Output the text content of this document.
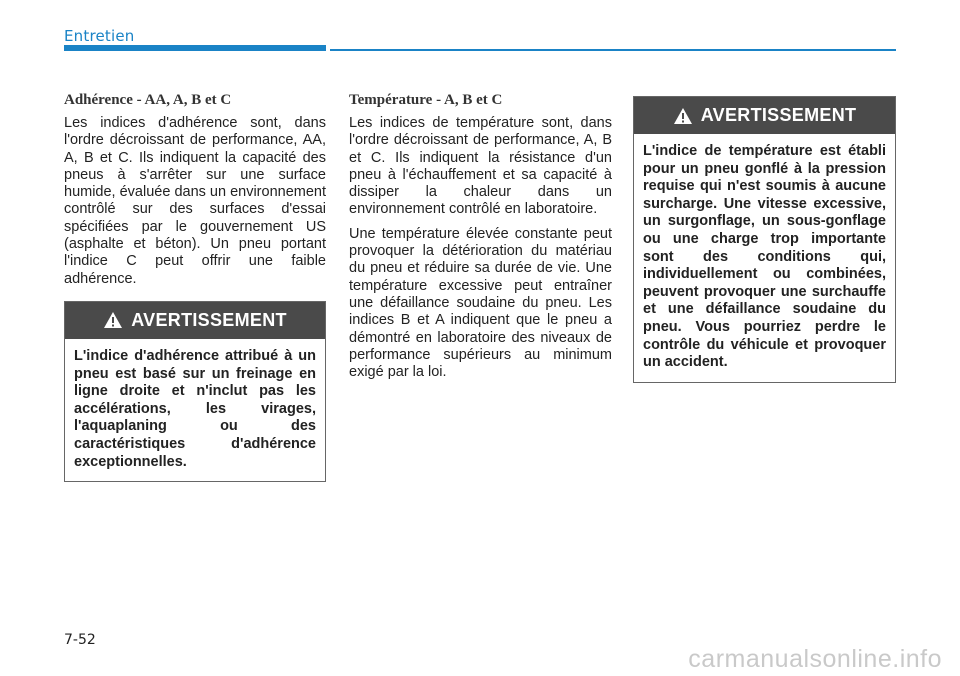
Entretien

Adhérence - AA, A, B et C

Les indices d'adhérence sont, dans l'ordre décroissant de performance, AA, A, B et C. Ils indiquent la capacité des pneus à s'arrêter sur une surface humide, évaluée dans un environnement contrôlé sur des surfaces d'essai spécifiées par le gouvernement US (asphalte et béton). Un pneu portant l'indice C peut offrir une faible adhérence.

AVERTISSEMENT
L'indice d'adhérence attribué à un pneu est basé sur un freinage en ligne droite et n'inclut pas les accélérations, les virages, l'aquaplaning ou des caractéristiques d'adhérence exceptionnelles.

Température - A, B et C

Les indices de température sont, dans l'ordre décroissant de performance, A, B et C. Ils indiquent la résistance d'un pneu à l'échauffement et sa capacité à dissiper la chaleur dans un environnement contrôlé en laboratoire.

Une température élevée constante peut provoquer la détérioration du matériau du pneu et réduire sa durée de vie. Une température excessive peut entraîner une défaillance soudaine du pneu. Les indices B et A indiquent que le pneu a démontré en laboratoire des niveaux de performance supérieurs au minimum exigé par la loi.

AVERTISSEMENT
L'indice de température est établi pour un pneu gonflé à la pression requise qui n'est soumis à aucune surcharge. Une vitesse excessive, un surgonflage, un sous-gonflage ou une charge trop importante sont des conditions qui, individuellement ou combinées, peuvent provoquer une surchauffe et une défaillance soudaine du pneu. Vous pourriez perdre le contrôle du véhicule et provoquer un accident.
7-52
carmanualsonline.info
